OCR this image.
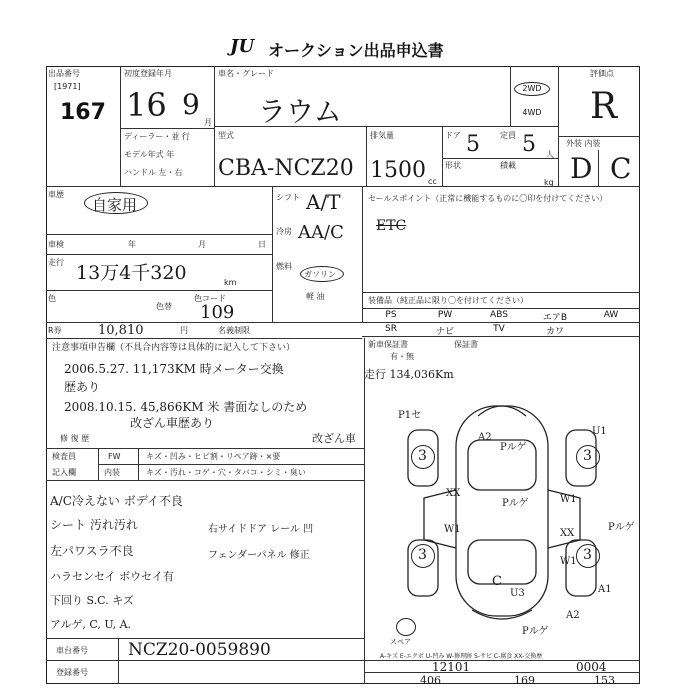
JU オークション出品申込書
出品番号
[1971]
167
初度登録年月
16 9
月
ディーラー・並 行
モデル年式 年
ハンドル 左・右
車名・グレード
ラウム
2WD
4WD
型式
CBA-NCZ20
排気量
1500 cc
ドア 5	定員 5 人
形状	積載
kg
評価点
R
外装 内装
D C
車歴
自家用
車検	年	月	日
走行 13万4千320	km
色
色替
色コード
109
シフト A/T
冷房 AA/C
燃料
ガソリン
軽 油
セールスポイント（正常に機能するものに〇印を付けてください）
ETC
装備品（純正品に限り〇を付けてください）
PS	PW	ABS	エアB	AW
SR	ナビ	TV	カワ
新車保証書
有・無
保証書
走行 134,036Km
R券	10,810	円	名義制限
注意事項申告欄（不具合内容等は具体的に記入して下さい）
2006.5.27. 11,173KM 時メーター交換
歴あり
2008.10.15. 45,866KM 米 書面なしのため
改ざん車歴あり
改ざん車
修 復 歴
検査員
記入欄
FW
内装
キズ・凹み・ヒビ割・リペア跡・×要
キズ・汚れ・コゲ・穴・タバコ・シミ・臭い
A/C冷えない ボデイ不良
シート 汚れ汚れ
左パワスラ不良
ハラセンセイ ボウセイ有
下回り S.C. キズ
アルゲ, C, U, A.
右サイドドア レール 凹
フェンダーパネル 修正
3	3
3	3
P1セ
A2
Pルゲ
U1
XX
W1
Pルゲ	W1
XX
Pルゲ
W1
A1
C
U3
A2
Pルゲ
スペア
車台番号 NCZ20-0059890
登録番号
A-キズ E-エクボ U-凹み W-修理跡 S-サビ C-腐食 XX-交換歴
12101	0004
406	169	153
